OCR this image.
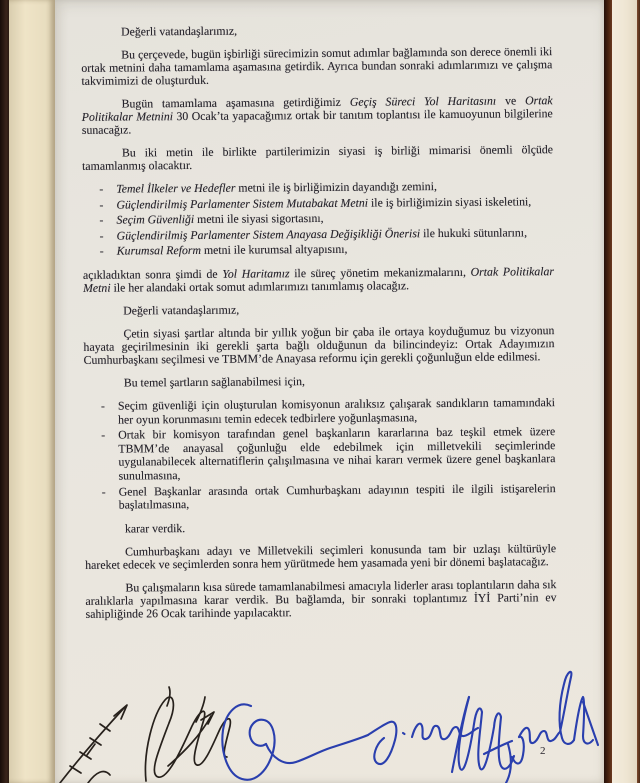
Değerli vatandaşlarımız,

Bu çerçevede, bugün işbirliği sürecimizin somut adımlar bağlamında son derece önemli iki ortak metnini daha tamamlama aşamasına getirdik. Ayrıca bundan sonraki adımlarımızı ve çalışma takvimimizi de oluşturduk.

Bugün tamamlama aşamasına getirdiğimiz Geçiş Süreci Yol Haritasını ve Ortak Politikalar Metnini 30 Ocak’ta yapacağımız ortak bir tanıtım toplantısı ile kamuoyunun bilgilerine sunacağız.

Bu iki metin ile birlikte partilerimizin siyasi iş birliği mimarisi önemli ölçüde tamamlanmış olacaktır.

- Temel İlkeler ve Hedefler metni ile iş birliğimizin dayandığı zemini,
- Güçlendirilmiş Parlamenter Sistem Mutabakat Metni ile iş birliğimizin siyasi iskeletini,
- Seçim Güvenliği metni ile siyasi sigortasını,
- Güçlendirilmiş Parlamenter Sistem Anayasa Değişikliği Önerisi ile hukuki sütunlarını,
- Kurumsal Reform metni ile kurumsal altyapısını,

açıkladıktan sonra şimdi de Yol Haritamız ile süreç yönetim mekanizmalarını, Ortak Politikalar Metni ile her alandaki ortak somut adımlarımızı tanımlamış olacağız.

Değerli vatandaşlarımız,

Çetin siyasi şartlar altında bir yıllık yoğun bir çaba ile ortaya koyduğumuz bu vizyonun hayata geçirilmesinin iki gerekli şarta bağlı olduğunun da bilincindeyiz: Ortak Adayımızın Cumhurbaşkanı seçilmesi ve TBMM’de Anayasa reformu için gerekli çoğunluğun elde edilmesi.

Bu temel şartların sağlanabilmesi için,

- Seçim güvenliği için oluşturulan komisyonun aralıksız çalışarak sandıkların tamamındaki her oyun korunmasını temin edecek tedbirlere yoğunlaşmasına,
- Ortak bir komisyon tarafından genel başkanların kararlarına baz teşkil etmek üzere TBMM’de anayasal çoğunluğu elde edebilmek için milletvekili seçimlerinde uygulanabilecek alternatiflerin çalışılmasına ve nihai kararı vermek üzere genel başkanlara sunulmasına,
- Genel Başkanlar arasında ortak Cumhurbaşkanı adayının tespiti ile ilgili istişarelerin başlatılmasına,

karar verdik.

Cumhurbaşkanı adayı ve Milletvekili seçimleri konusunda tam bir uzlaşı kültürüyle hareket edecek ve seçimlerden sonra hem yürütmede hem yasamada yeni bir dönemi başlatacağız.

Bu çalışmaların kısa sürede tamamlanabilmesi amacıyla liderler arası toplantıların daha sık aralıklarla yapılmasına karar verdik. Bu bağlamda, bir sonraki toplantımız İYİ Parti’nin ev sahipliğinde 26 Ocak tarihinde yapılacaktır.

2
